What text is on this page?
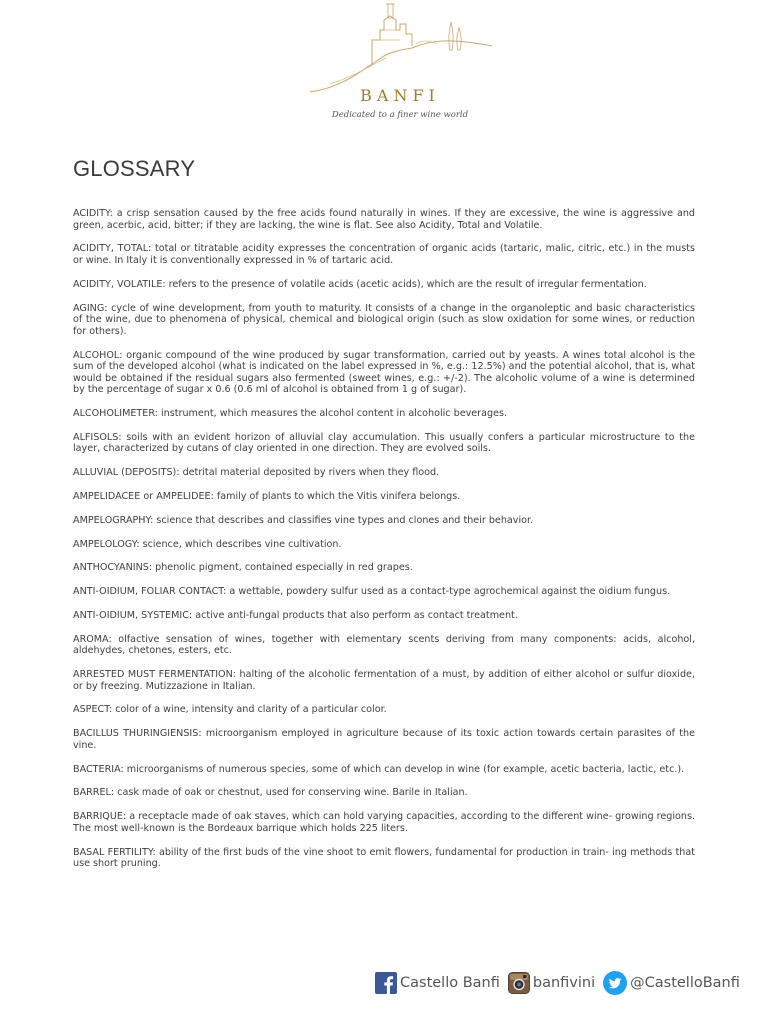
BANFI
Dedicated to a finer wine world
GLOSSARY

ACIDITY: a crisp sensation caused by the free acids found naturally in wines. If they are excessive, the wine is aggressive and green, acerbic, acid, bitter; if they are lacking, the wine is flat. See also Acidity, Total and Volatile.

ACIDITY, TOTAL: total or titratable acidity expresses the concentration of organic acids (tartaric, malic, citric, etc.) in the musts or wine. In Italy it is conventionally expressed in % of tartaric acid.

ACIDITY, VOLATILE: refers to the presence of volatile acids (acetic acids), which are the result of irregular fermentation.

AGING: cycle of wine development, from youth to maturity. It consists of a change in the organoleptic and basic characteristics of the wine, due to phenomena of physical, chemical and biological origin (such as slow oxidation for some wines, or reduction for others).

ALCOHOL: organic compound of the wine produced by sugar transformation, carried out by yeasts. A wines total alcohol is the sum of the developed alcohol (what is indicated on the label expressed in %, e.g.: 12.5%) and the potential alcohol, that is, what would be obtained if the residual sugars also fermented (sweet wines, e.g.: +/-2). The alcoholic volume of a wine is determined by the percentage of sugar x 0.6 (0.6 ml of alcohol is obtained from 1 g of sugar).

ALCOHOLIMETER: instrument, which measures the alcohol content in alcoholic beverages.

ALFISOLS: soils with an evident horizon of alluvial clay accumulation. This usually confers a particular microstructure to the layer, characterized by cutans of clay oriented in one direction. They are evolved soils.

ALLUVIAL (DEPOSITS): detrital material deposited by rivers when they flood.

AMPELIDACEE or AMPELIDEE: family of plants to which the Vitis vinifera belongs.

AMPELOGRAPHY: science that describes and classifies vine types and clones and their behavior.

AMPELOLOGY: science, which describes vine cultivation.

ANTHOCYANINS: phenolic pigment, contained especially in red grapes.

ANTI-OIDIUM, FOLIAR CONTACT: a wettable, powdery sulfur used as a contact-type agrochemical against the oidium fungus.

ANTI-OIDIUM, SYSTEMIC: active anti-fungal products that also perform as contact treatment.

AROMA: olfactive sensation of wines, together with elementary scents deriving from many components: acids, alcohol, aldehydes, chetones, esters, etc.

ARRESTED MUST FERMENTATION: halting of the alcoholic fermentation of a must, by addition of either alcohol or sulfur dioxide, or by freezing. Mutizzazione in Italian.

ASPECT: color of a wine, intensity and clarity of a particular color.

BACILLUS THURINGIENSIS: microorganism employed in agriculture because of its toxic action towards certain parasites of the vine.

BACTERIA: microorganisms of numerous species, some of which can develop in wine (for example, acetic bacteria, lactic, etc.).

BARREL: cask made of oak or chestnut, used for conserving wine. Barile in Italian.

BARRIQUE: a receptacle made of oak staves, which can hold varying capacities, according to the different wine- growing regions. The most well-known is the Bordeaux barrique which holds 225 liters.

BASAL FERTILITY: ability of the first buds of the vine shoot to emit flowers, fundamental for production in train- ing methods that use short pruning.

Castello Banfi banfivini @CastelloBanfi
